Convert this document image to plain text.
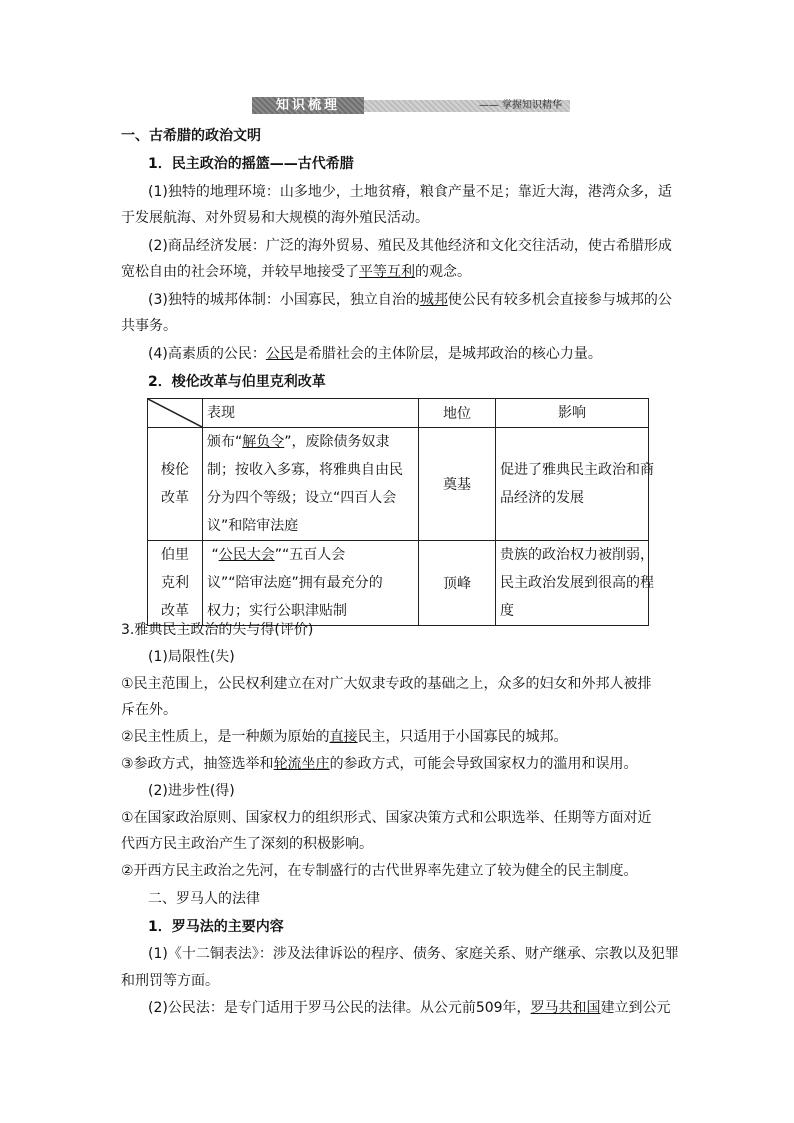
—— 掌握知识精华
知识梳理
一、古希腊的政治文明
1．民主政治的摇篮——古代希腊
(1)独特的地理环境：山多地少，土地贫瘠，粮食产量不足；靠近大海，港湾众多，适
于发展航海、对外贸易和大规模的海外殖民活动。
(2)商品经济发展：广泛的海外贸易、殖民及其他经济和文化交往活动，使古希腊形成
宽松自由的社会环境，并较早地接受了平等互利的观念。
(3)独特的城邦体制：小国寡民，独立自治的城邦使公民有较多机会直接参与城邦的公
共事务。
(4)高素质的公民：公民是希腊社会的主体阶层，是城邦政治的核心力量。
2．梭伦改革与伯里克利改革
	表现	地位	影响

梭伦
改革	颁布“解负令”，废除债务奴隶
制；按收入多寡，将雅典自由民
分为四个等级；设立“四百人会
议”和陪审法庭	奠基	促进了雅典民主政治和商
品经济的发展

伯里
克利
改革	“公民大会”“五百人会
议”“陪审法庭”拥有最充分的
权力；实行公职津贴制	顶峰	贵族的政治权力被削弱，
民主政治发展到很高的程
度
3.雅典民主政治的失与得(评价)
(1)局限性(失)
①民主范围上，公民权利建立在对广大奴隶专政的基础之上，众多的妇女和外邦人被排
斥在外。
②民主性质上，是一种颇为原始的直接民主，只适用于小国寡民的城邦。
③参政方式，抽签选举和轮流坐庄的参政方式，可能会导致国家权力的滥用和误用。
(2)进步性(得)
①在国家政治原则、国家权力的组织形式、国家决策方式和公职选举、任期等方面对近
代西方民主政治产生了深刻的积极影响。
②开西方民主政治之先河，在专制盛行的古代世界率先建立了较为健全的民主制度。
二、罗马人的法律
1．罗马法的主要内容
(1)《十二铜表法》：涉及法律诉讼的程序、债务、家庭关系、财产继承、宗教以及犯罪
和刑罚等方面。
(2)公民法：是专门适用于罗马公民的法律。从公元前509年，罗马共和国建立到公元
